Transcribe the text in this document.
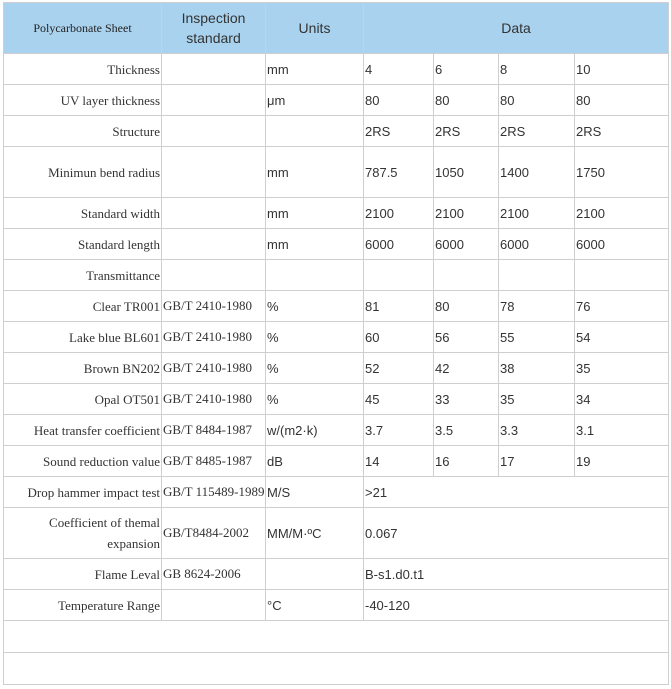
Polycarbonate Sheet	Inspection standard	Units	Data			
Thickness		mm	4	6	8	10
UV layer thickness		μm	80	80	80	80
Structure			2RS	2RS	2RS	2RS
Minimun bend radius		mm	787.5	1050	1400	1750
Standard width		mm	2100	2100	2100	2100
Standard length		mm	6000	6000	6000	6000
Transmittance						
Clear TR001	GB/T 2410-1980	%	81	80	78	76
Lake blue BL601	GB/T 2410-1980	%	60	56	55	54
Brown BN202	GB/T 2410-1980	%	52	42	38	35
Opal OT501	GB/T 2410-1980	%	45	33	35	34
Heat transfer coefficient	GB/T 8484-1987	w/(m2·k)	3.7	3.5	3.3	3.1
Sound reduction value	GB/T 8485-1987	dB	14	16	17	19
Drop hammer impact test	GB/T 115489-1989	M/S	>21			
Coefficient of themal expansion	GB/T8484-2002	MM/M·ºC	0.067			
Flame Leval	GB 8624-2006		B-s1.d0.t1			
Temperature Range		°C	-40-120			
